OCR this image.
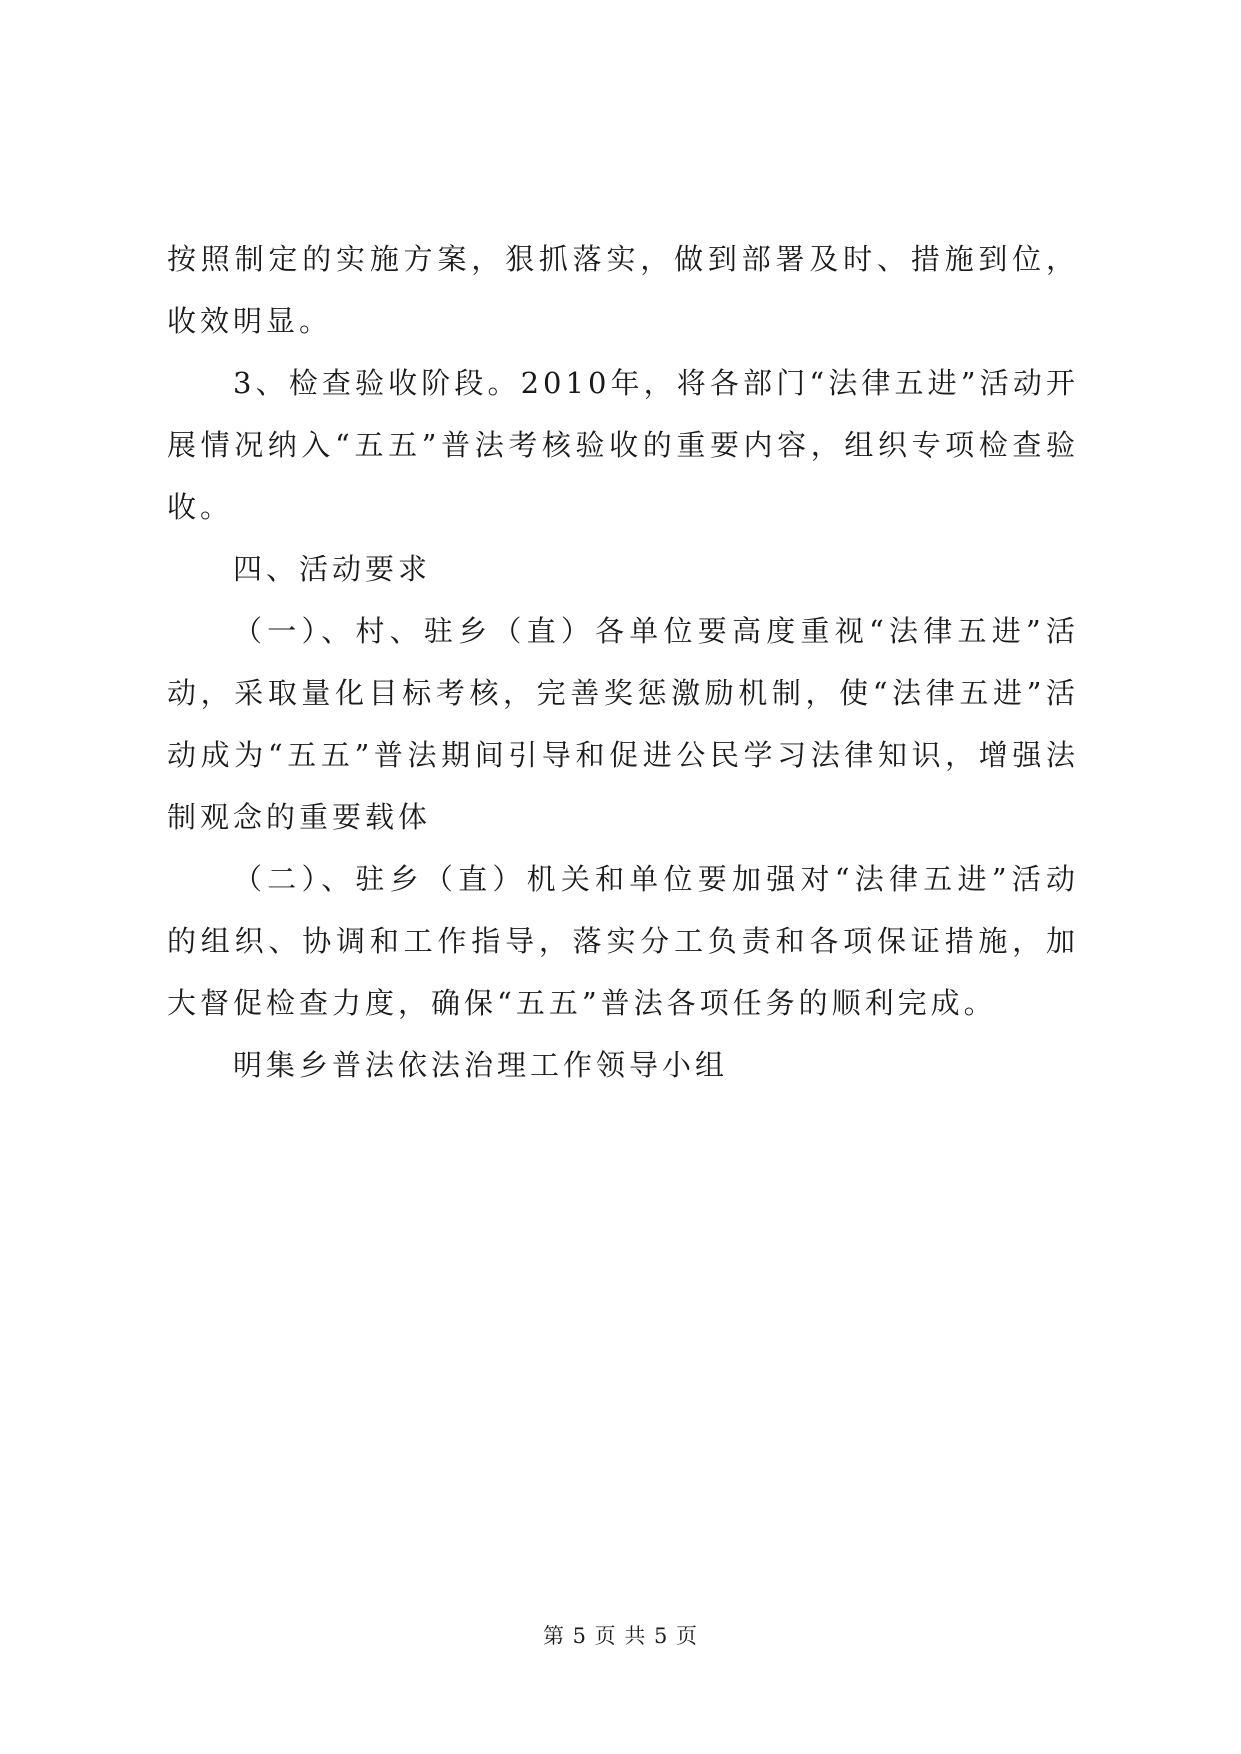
按照制定的实施方案，狠抓落实，做到部署及时、措施到位，收效明显。

3、检查验收阶段。2010年，将各部门“法律五进”活动开展情况纳入“五五”普法考核验收的重要内容，组织专项检查验收。

四、活动要求

（一）、村、驻乡（直）各单位要高度重视“法律五进”活动，采取量化目标考核，完善奖惩激励机制，使“法律五进”活动成为“五五”普法期间引导和促进公民学习法律知识，增强法制观念的重要载体

（二）、驻乡（直）机关和单位要加强对“法律五进”活动的组织、协调和工作指导，落实分工负责和各项保证措施，加大督促检查力度，确保“五五”普法各项任务的顺利完成。

明集乡普法依法治理工作领导小组

第 5 页 共 5 页
